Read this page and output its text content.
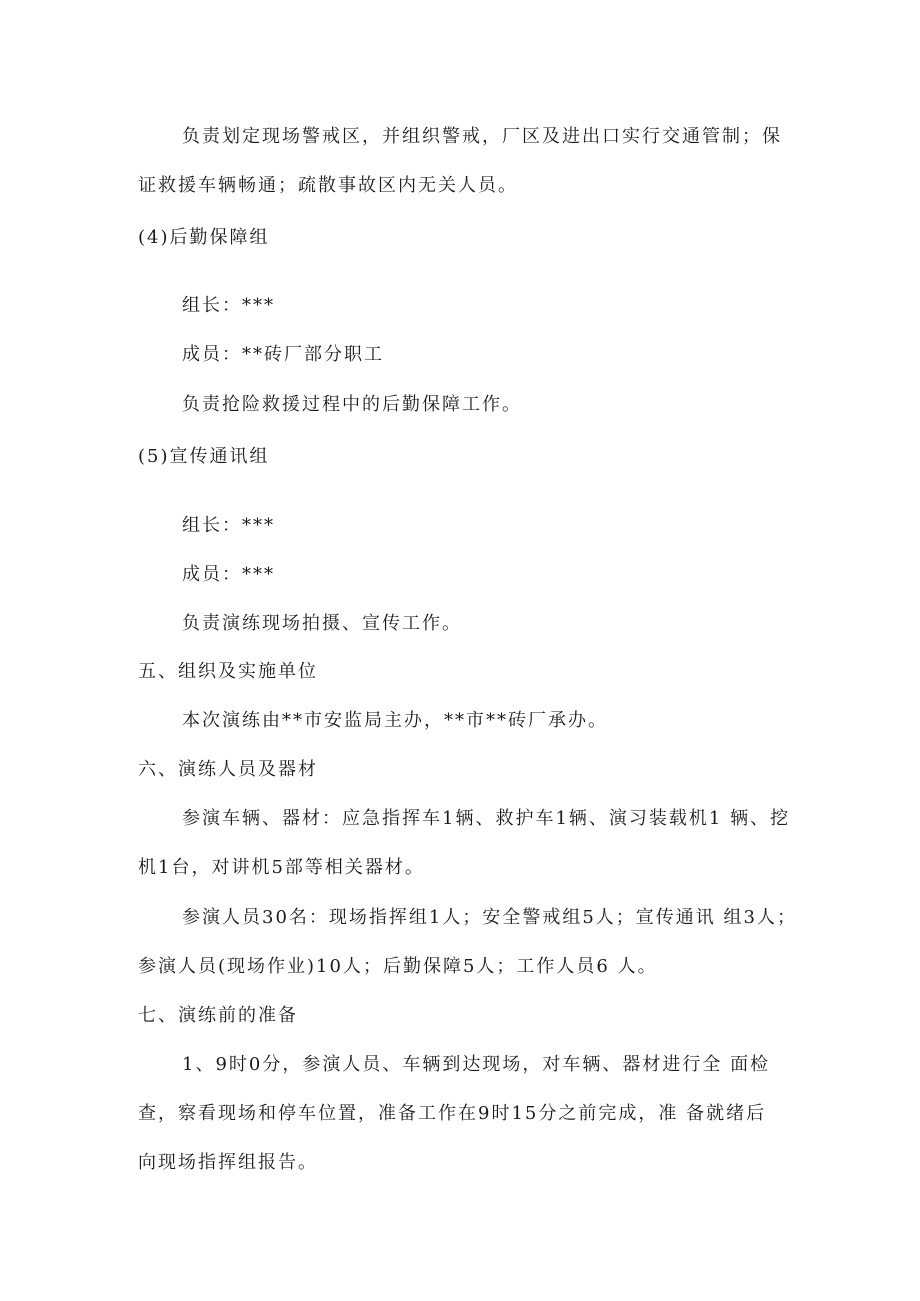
负责划定现场警戒区，并组织警戒，厂区及进出口实行交通管制；保
证救援车辆畅通；疏散事故区内无关人员。
(4)后勤保障组
组长：***
成员：**砖厂部分职工
负责抢险救援过程中的后勤保障工作。
(5)宣传通讯组
组长：***
成员：***
负责演练现场拍摄、宣传工作。
五、组织及实施单位
本次演练由**市安监局主办，**市**砖厂承办。
六、演练人员及器材
参演车辆、器材：应急指挥车1辆、救护车1辆、演习装载机1 辆、挖
机1台，对讲机5部等相关器材。
参演人员30名：现场指挥组1人；安全警戒组5人；宣传通讯 组3人；
参演人员(现场作业)10人；后勤保障5人；工作人员6 人。
七、演练前的准备
1、9时0分，参演人员、车辆到达现场，对车辆、器材进行全 面检
查，察看现场和停车位置，准备工作在9时15分之前完成，准 备就绪后
向现场指挥组报告。
